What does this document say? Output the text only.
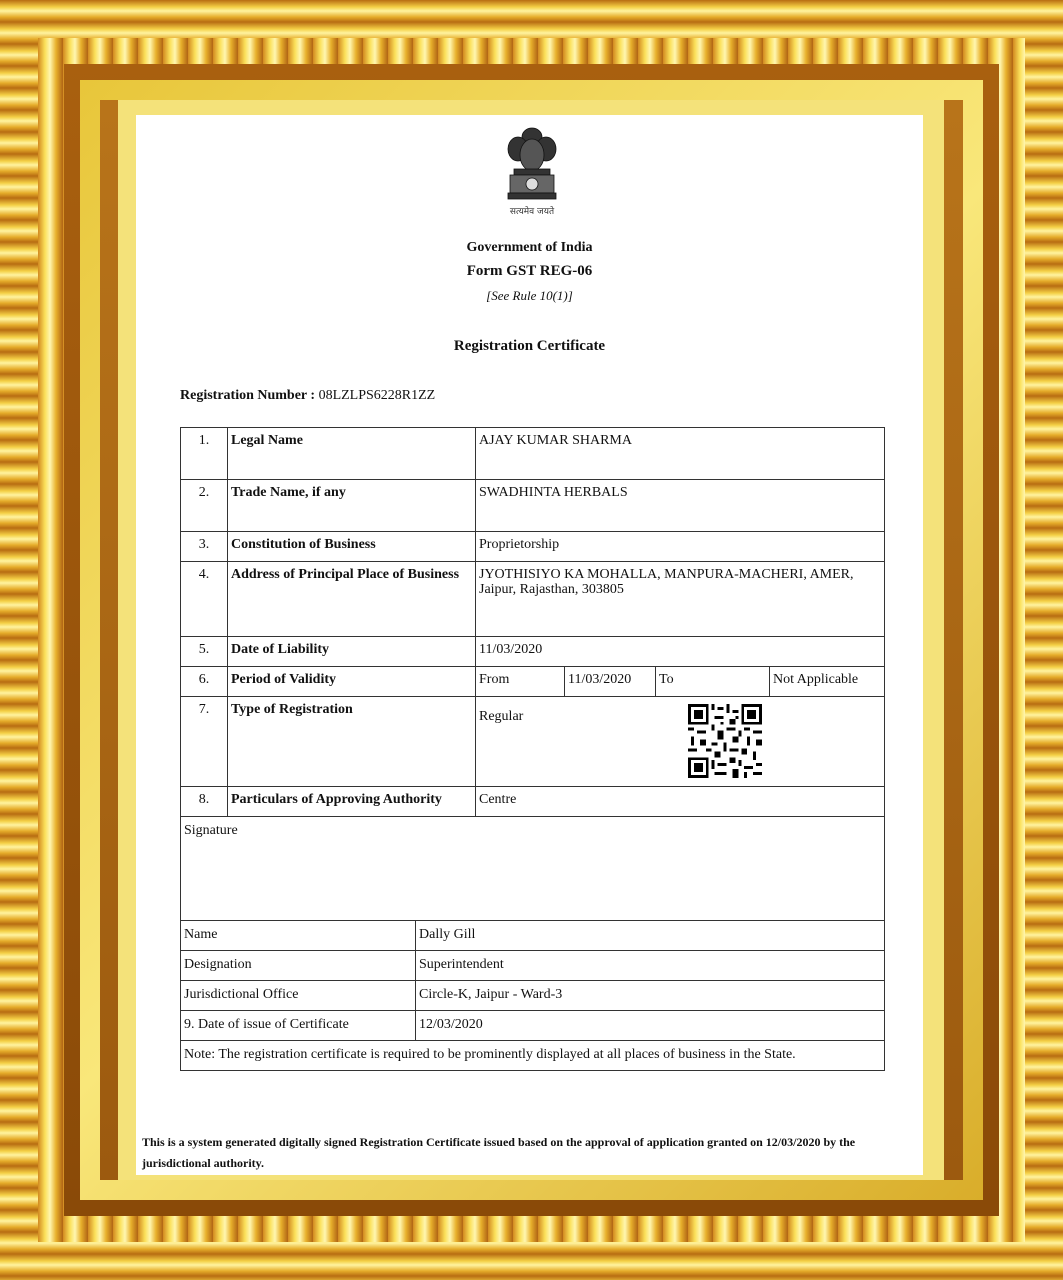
सत्यमेव जयते
Government of India
Form GST REG-06
[See Rule 10(1)]
Registration Certificate
Registration Number : 08LZLPS6228R1ZZ
1.	Legal Name	AJAY KUMAR SHARMA			
2.	Trade Name, if any	SWADHINTA HERBALS			
3.	Constitution of Business	Proprietorship			
4.	Address of Principal Place of Business	JYOTHISIYO KA MOHALLA, MANPURA-MACHERI, AMER, Jaipur, Rajasthan, 303805			
5.	Date of Liability	11/03/2020			
6.	Period of Validity	From	11/03/2020	To	Not Applicable
7.	Type of Registration	Regular			

8.	Particulars of Approving Authority	Centre			
Signature	
Name	Dally Gill
Designation	Superintendent
Jurisdictional Office	Circle-K, Jaipur - Ward-3
9. Date of issue of Certificate	12/03/2020
Note: The registration certificate is required to be prominently displayed at all places of business in the State.	
This is a system generated digitally signed Registration Certificate issued based on the approval of application granted on 12/03/2020 by the jurisdictional authority.
